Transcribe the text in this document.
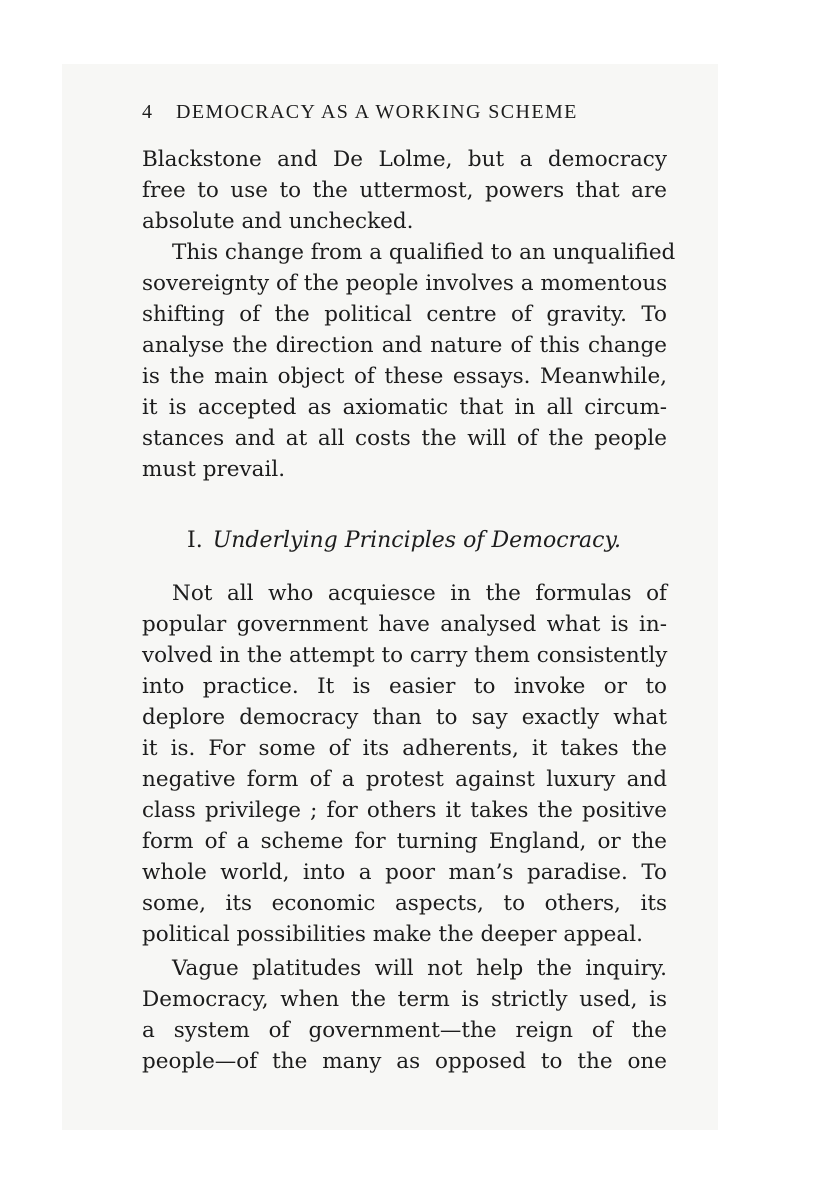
4 DEMOCRACY AS A WORKING SCHEME
Blackstone and De Lolme, but a democracy
free to use to the uttermost, powers that are
absolute and unchecked.
This change from a qualified to an unqualified
sovereignty of the people involves a momentous
shifting of the political centre of gravity. To
analyse the direction and nature of this change
is the main object of these essays. Meanwhile,
it is accepted as axiomatic that in all circum-
stances and at all costs the will of the people
must prevail.
I. Underlying Principles of Democracy.
Not all who acquiesce in the formulas of
popular government have analysed what is in-
volved in the attempt to carry them consistently
into practice. It is easier to invoke or to
deplore democracy than to say exactly what
it is. For some of its adherents, it takes the
negative form of a protest against luxury and
class privilege ; for others it takes the positive
form of a scheme for turning England, or the
whole world, into a poor man’s paradise. To
some, its economic aspects, to others, its
political possibilities make the deeper appeal.
Vague platitudes will not help the inquiry.
Democracy, when the term is strictly used, is
a system of government—the reign of the
people—of the many as opposed to the one
